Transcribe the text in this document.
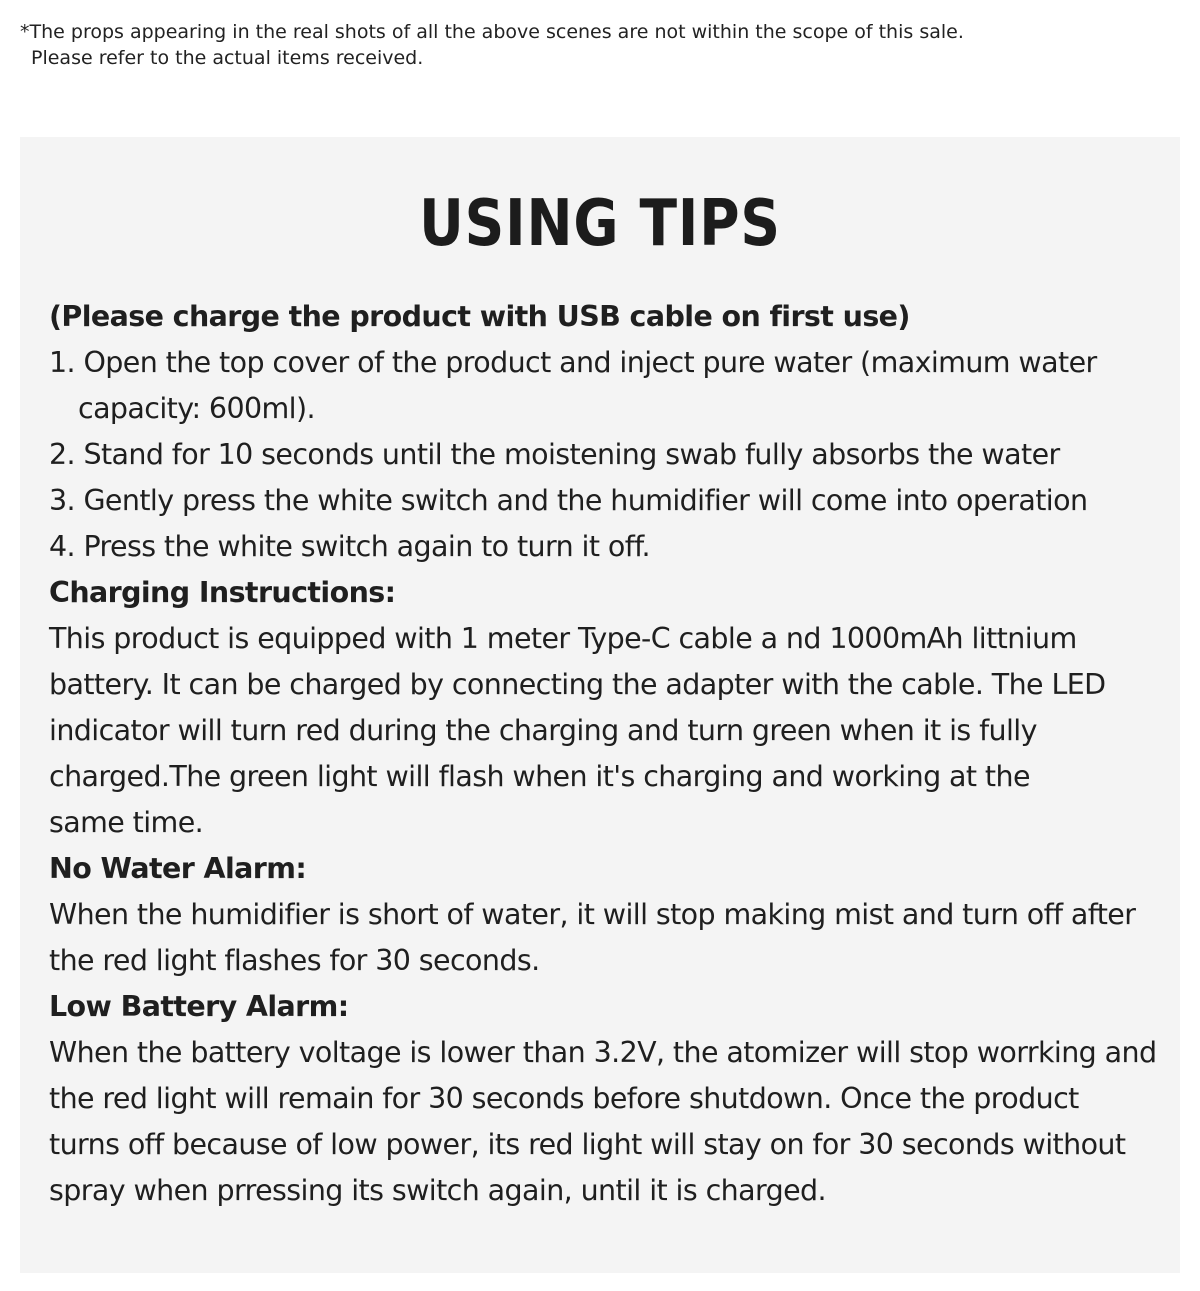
*The props appearing in the real shots of all the above scenes are not within the scope of this sale.
Please refer to the actual items received.
USING TIPS
(Please charge the product with USB cable on first use)
1. Open the top cover of the product and inject pure water (maximum water
capacity: 600ml).
2. Stand for 10 seconds until the moistening swab fully absorbs the water
3. Gently press the white switch and the humidifier will come into operation
4. Press the white switch again to turn it off.
Charging Instructions:
This product is equipped with 1 meter Type-C cable a nd 1000mAh littnium
battery. It can be charged by connecting the adapter with the cable. The LED
indicator will turn red during the charging and turn green when it is fully
charged.The green light will flash when it's charging and working at the
same time.
No Water Alarm:
When the humidifier is short of water, it will stop making mist and turn off after
the red light flashes for 30 seconds.
Low Battery Alarm:
When the battery voltage is lower than 3.2V, the atomizer will stop worrking and
the red light will remain for 30 seconds before shutdown. Once the product
turns off because of low power, its red light will stay on for 30 seconds without
spray when prressing its switch again, until it is charged.
